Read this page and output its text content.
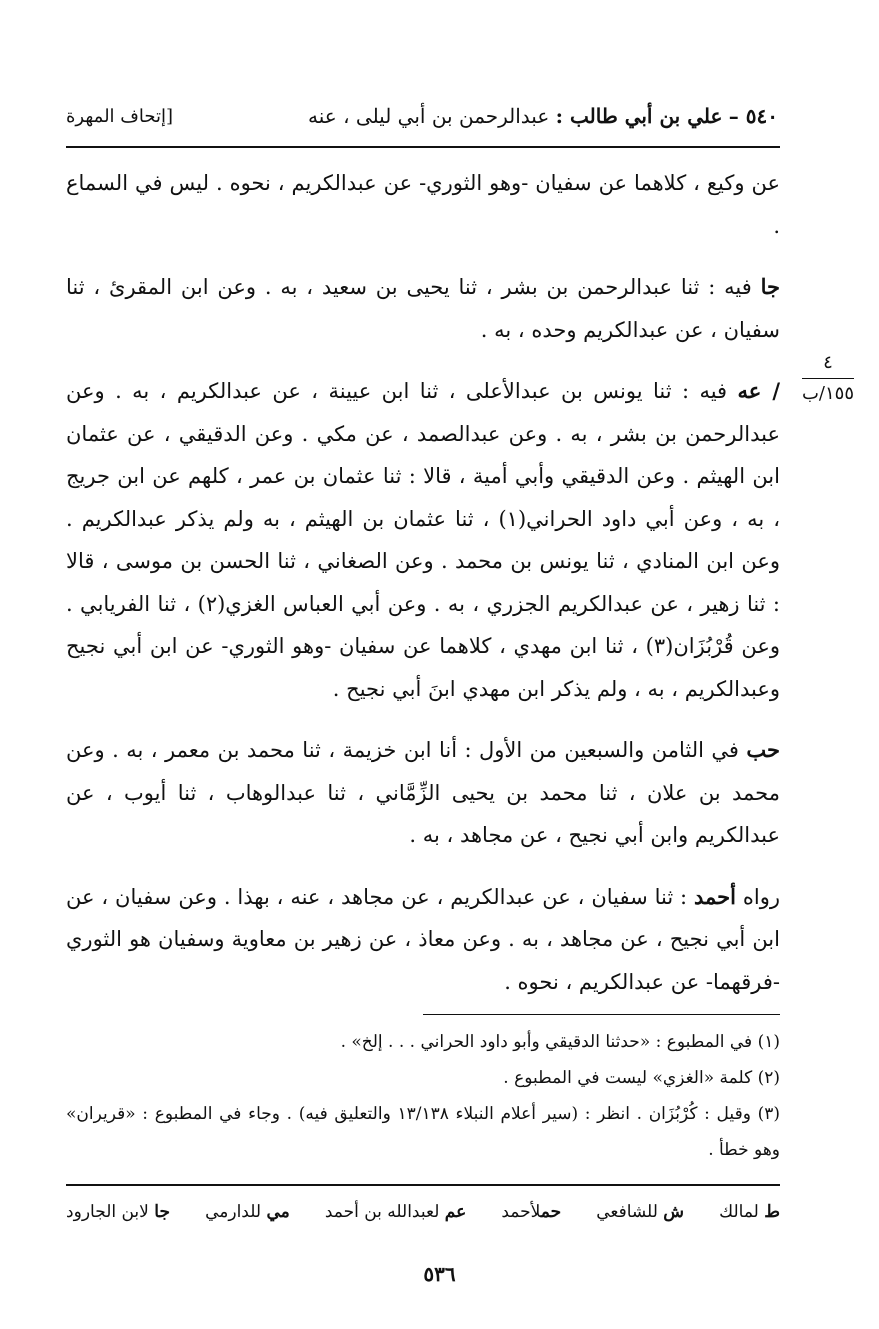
٥٤٠ – علي بن أبي طالب : عبدالرحمن بن أبي ليلى ، عنه
[إتحاف المهرة
٤
١٥٥/ب

عن وكيع ، كلاهما عن سفيان -وهو الثوري- عن عبدالكريم ، نحوه . ليس في السماع .

جا فيه : ثنا عبدالرحمن بن بشر ، ثنا يحيى بن سعيد ، به . وعن ابن المقرئ ، ثنا سفيان ، عن عبدالكريم وحده ، به .

/ عه فيه : ثنا يونس بن عبدالأعلى ، ثنا ابن عيينة ، عن عبدالكريم ، به . وعن عبدالرحمن بن بشر ، به . وعن عبدالصمد ، عن مكي . وعن الدقيقي ، عن عثمان ابن الهيثم . وعن الدقيقي وأبي أمية ، قالا : ثنا عثمان بن عمر ، كلهم عن ابن جريج ، به ، وعن أبي داود الحراني(١) ، ثنا عثمان بن الهيثم ، به ولم يذكر عبدالكريم . وعن ابن المنادي ، ثنا يونس بن محمد . وعن الصغاني ، ثنا الحسن بن موسى ، قالا : ثنا زهير ، عن عبدالكريم الجزري ، به . وعن أبي العباس الغزي(٢) ، ثنا الفريابي . وعن قُرْبُزَان(٣) ، ثنا ابن مهدي ، كلاهما عن سفيان -وهو الثوري- عن ابن أبي نجيح وعبدالكريم ، به ، ولم يذكر ابن مهدي ابنَ أبي نجيح .

حب في الثامن والسبعين من الأول : أنا ابن خزيمة ، ثنا محمد بن معمر ، به . وعن محمد بن علان ، ثنا محمد بن يحيى الزِّمَّاني ، ثنا عبدالوهاب ، ثنا أيوب ، عن عبدالكريم وابن أبي نجيح ، عن مجاهد ، به .

رواه أحمد : ثنا سفيان ، عن عبدالكريم ، عن مجاهد ، عنه ، بهذا . وعن سفيان ، عن ابن أبي نجيح ، عن مجاهد ، به . وعن معاذ ، عن زهير بن معاوية وسفيان هو الثوري -فرقهما- عن عبدالكريم ، نحوه .

(١) في المطبوع : «حدثنا الدقيقي وأبو داود الحراني . . . إلخ» .

(٢) كلمة «الغزي» ليست في المطبوع .

(٣) وقيل : كُرْبُزَان . انظر : (سير أعلام النبلاء ١٣/١٣٨ والتعليق فيه) . وجاء في المطبوع : «قريران» وهو خطأ .

ط لمالك
ش للشافعي
حملأحمد
عم لعبدالله بن أحمد
مي للدارمي
جا لابن الجارود
٥٣٦
